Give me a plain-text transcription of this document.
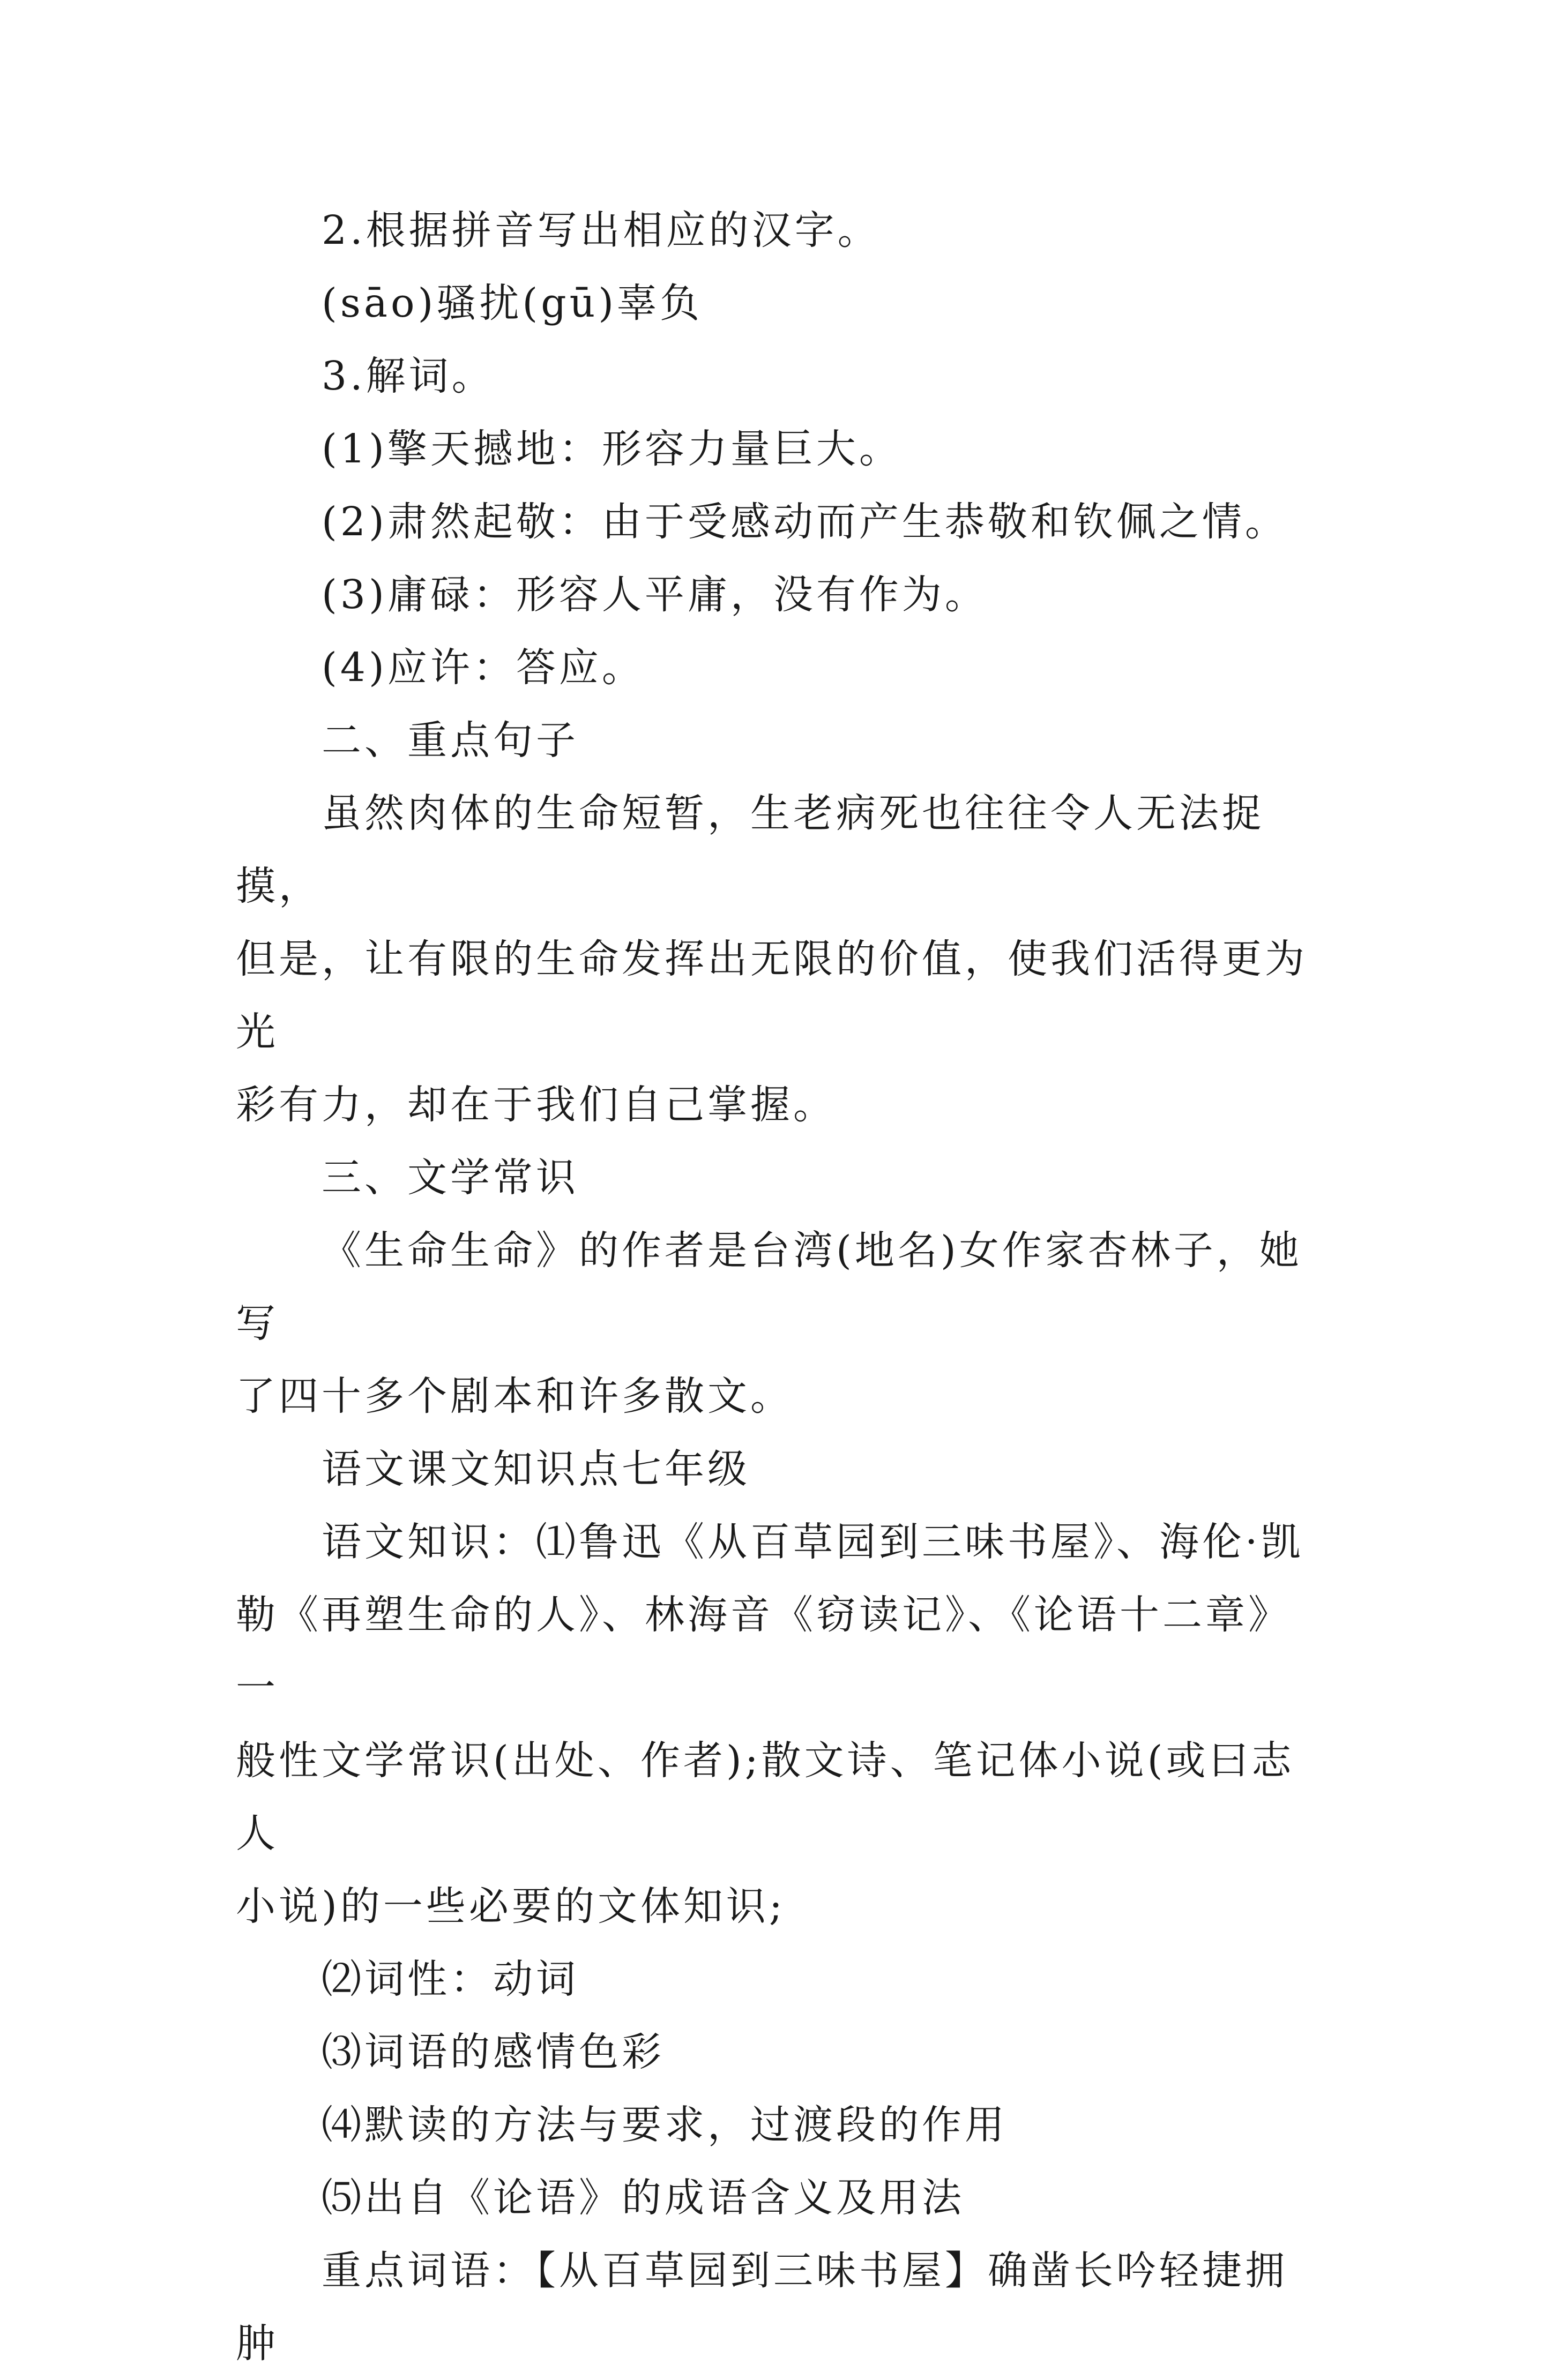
2.根据拼音写出相应的汉字。

(sāo)骚扰(gū)辜负

3.解词。

(1)擎天撼地：形容力量巨大。

(2)肃然起敬：由于受感动而产生恭敬和钦佩之情。

(3)庸碌：形容人平庸，没有作为。

(4)应许：答应。

二、重点句子

虽然肉体的生命短暂，生老病死也往往令人无法捉摸，
但是，让有限的生命发挥出无限的价值，使我们活得更为光
彩有力，却在于我们自己掌握。

三、文学常识

《生命生命》的作者是台湾(地名)女作家杏林子，她写
了四十多个剧本和许多散文。

语文课文知识点七年级

语文知识：⑴鲁迅《从百草园到三味书屋》、海伦·凯
勒《再塑生命的人》、林海音《窃读记》、《论语十二章》一
般性文学常识(出处、作者);散文诗、笔记体小说(或曰志人
小说)的一些必要的文体知识;

⑵词性：动词

⑶词语的感情色彩

⑷默读的方法与要求，过渡段的作用

⑸出自《论语》的成语含义及用法

重点词语：【从百草园到三味书屋】确凿长吟轻捷拥肿
